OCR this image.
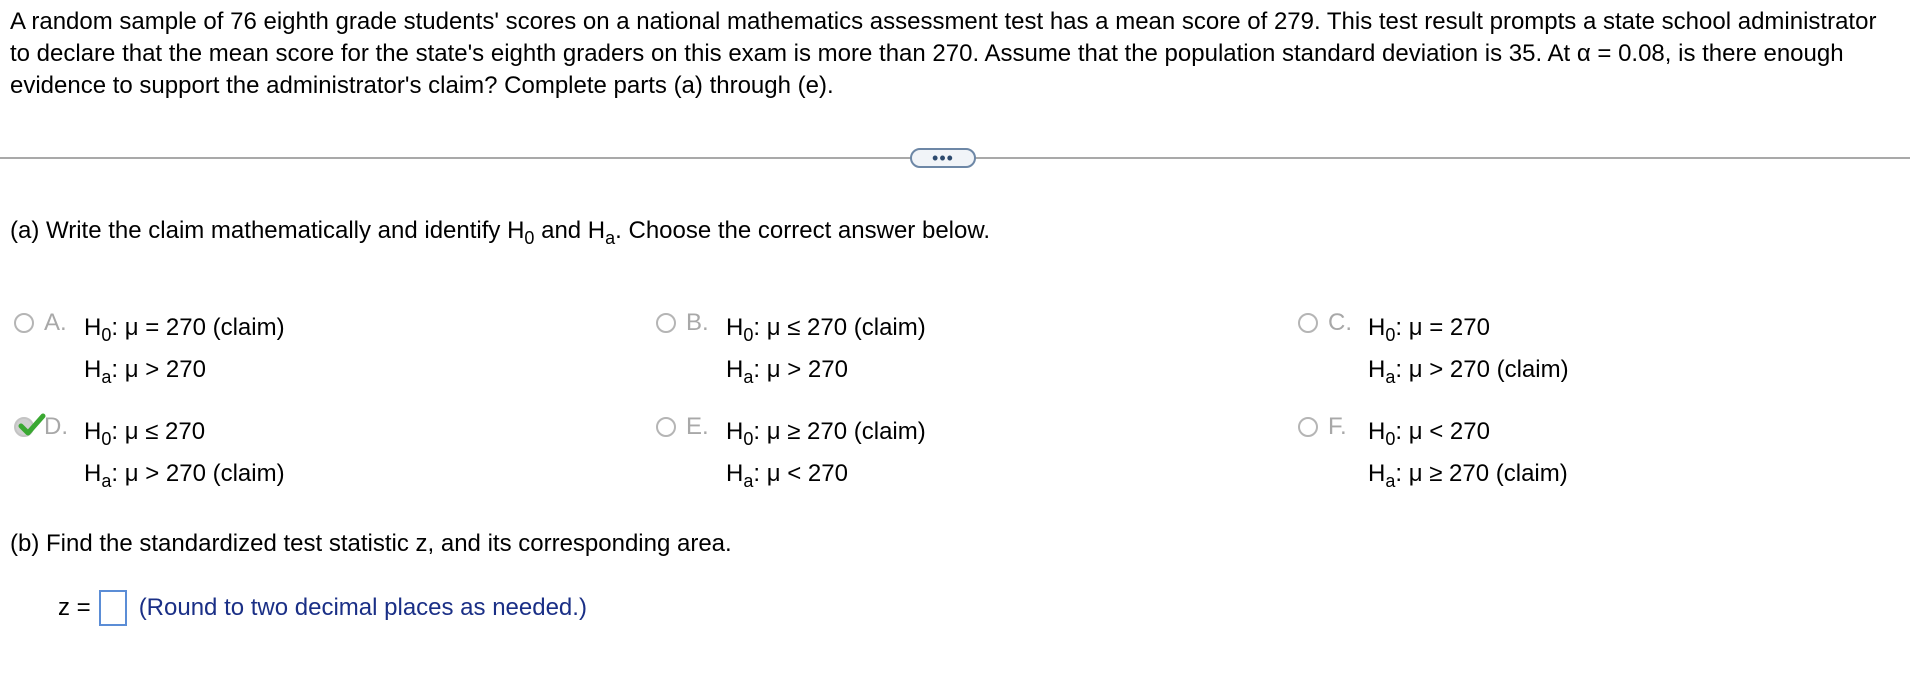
A random sample of 76 eighth grade students' scores on a national mathematics assessment test has a mean score of 279. This test result prompts a state school administrator to declare that the mean score for the state's eighth graders on this exam is more than 270. Assume that the population standard deviation is 35. At α = 0.08, is there enough evidence to support the administrator's claim? Complete parts (a) through (e).
•••
(a) Write the claim mathematically and identify $H_0$ and $H_a$. Choose the correct answer below.
A. $H_0$: μ = 270 (claim)
$H_a$: μ > 270
B. $H_0$: μ ≤ 270 (claim)
$H_a$: μ > 270
C. $H_0$: μ = 270
$H_a$: μ > 270 (claim)
D. $H_0$: μ ≤ 270
$H_a$: μ > 270 (claim)
E. $H_0$: μ ≥ 270 (claim)
$H_a$: μ < 270
F. $H_0$: μ < 270
$H_a$: μ ≥ 270 (claim)
(b) Find the standardized test statistic z, and its corresponding area.
z = (Round to two decimal places as needed.)
